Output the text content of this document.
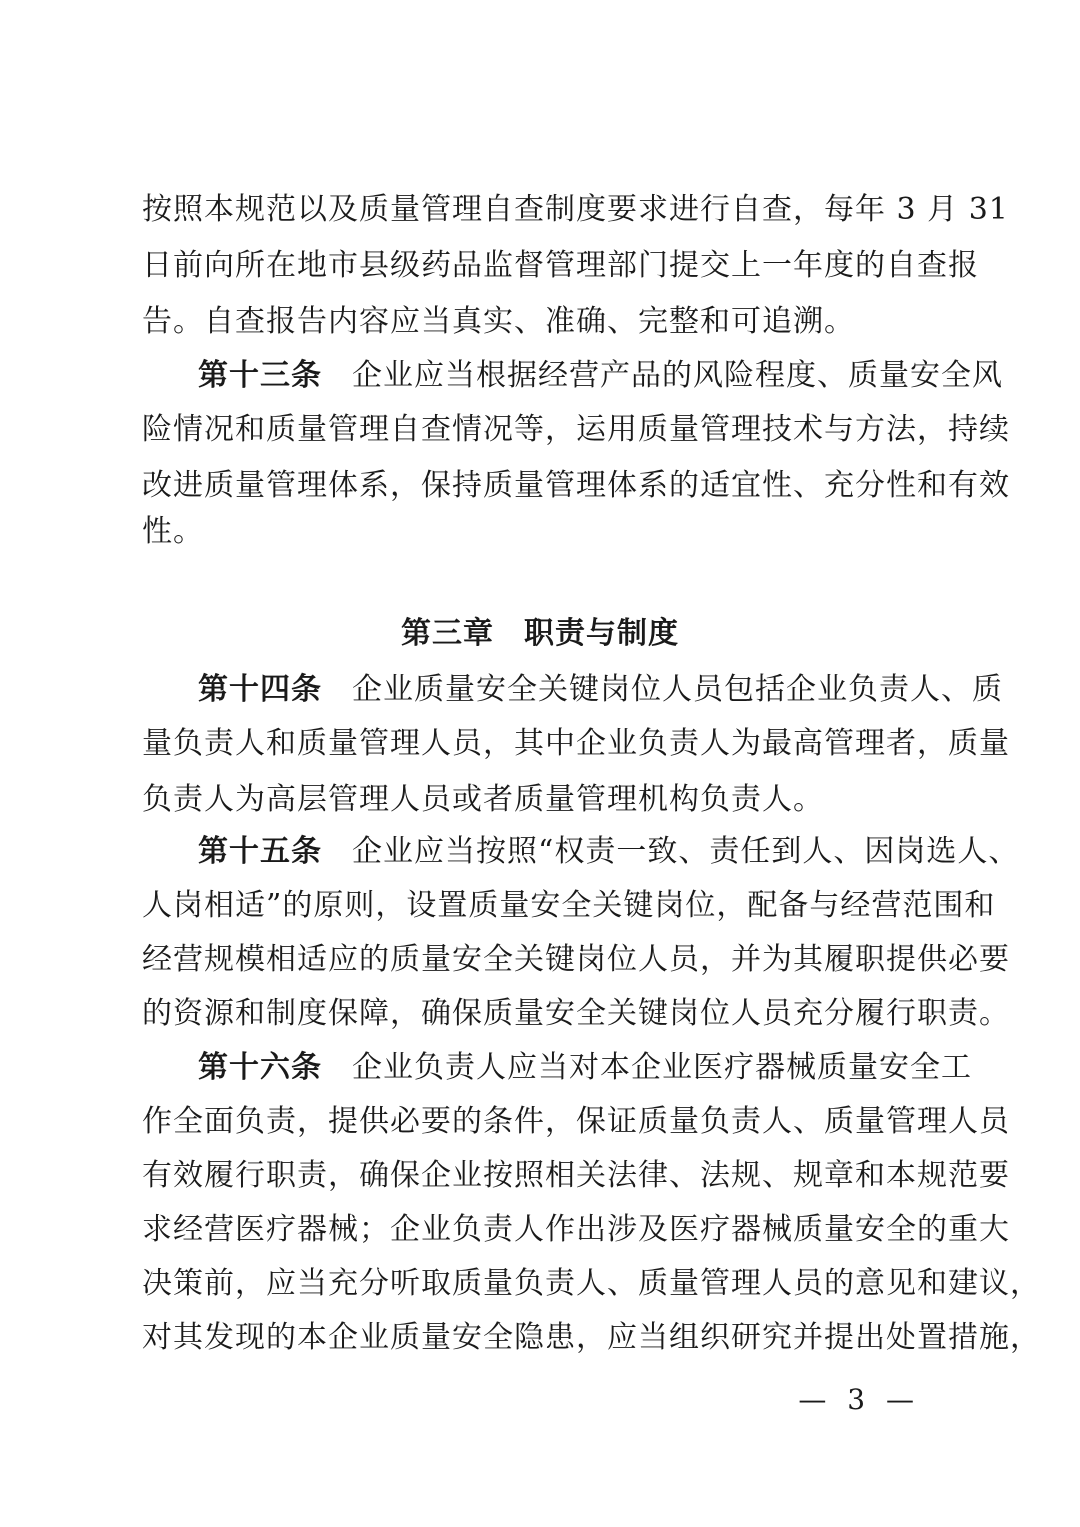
按照本规范以及质量管理自查制度要求进行自查，每年 3 月 31
日前向所在地市县级药品监督管理部门提交上一年度的自查报
告。自查报告内容应当真实、准确、完整和可追溯。
第十三条 企业应当根据经营产品的风险程度、质量安全风
险情况和质量管理自查情况等，运用质量管理技术与方法，持续
改进质量管理体系，保持质量管理体系的适宜性、充分性和有效
性。
第三章 职责与制度
第十四条 企业质量安全关键岗位人员包括企业负责人、质
量负责人和质量管理人员，其中企业负责人为最高管理者，质量
负责人为高层管理人员或者质量管理机构负责人。
第十五条 企业应当按照“权责一致、责任到人、因岗选人、
人岗相适”的原则，设置质量安全关键岗位，配备与经营范围和
经营规模相适应的质量安全关键岗位人员，并为其履职提供必要
的资源和制度保障，确保质量安全关键岗位人员充分履行职责。
第十六条 企业负责人应当对本企业医疗器械质量安全工
作全面负责，提供必要的条件，保证质量负责人、质量管理人员
有效履行职责，确保企业按照相关法律、法规、规章和本规范要
求经营医疗器械；企业负责人作出涉及医疗器械质量安全的重大
决策前，应当充分听取质量负责人、质量管理人员的意见和建议，
对其发现的本企业质量安全隐患，应当组织研究并提出处置措施，
— 3 —
